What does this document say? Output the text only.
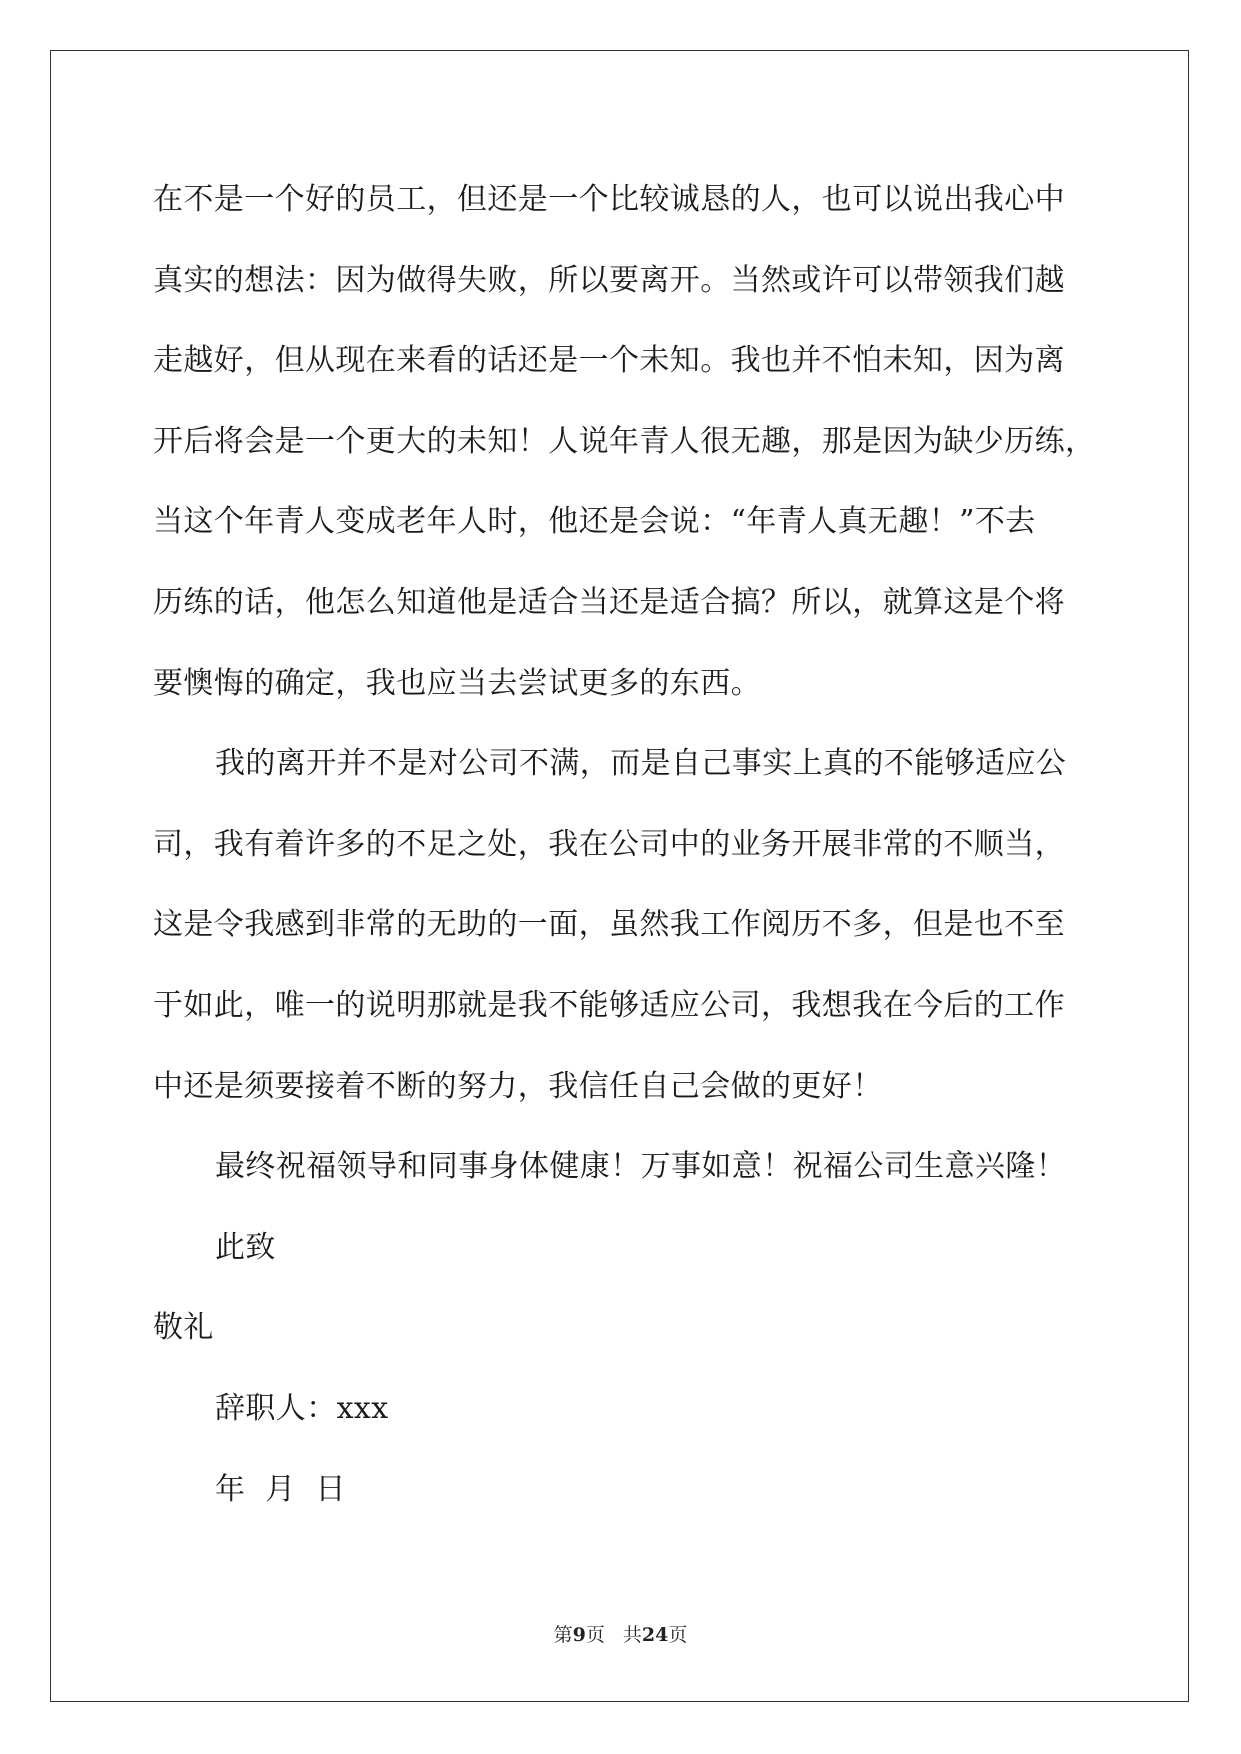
在不是一个好的员工，但还是一个比较诚恳的人，也可以说出我心中
真实的想法：因为做得失败，所以要离开。当然或许可以带领我们越
走越好，但从现在来看的话还是一个未知。我也并不怕未知，因为离
开后将会是一个更大的未知！人说年青人很无趣，那是因为缺少历练，
当这个年青人变成老年人时，他还是会说：“年青人真无趣！”不去
历练的话，他怎么知道他是适合当还是适合搞？所以，就算这是个将
要懊悔的确定，我也应当去尝试更多的东西。

我的离开并不是对公司不满，而是自己事实上真的不能够适应公
司，我有着许多的不足之处，我在公司中的业务开展非常的不顺当，
这是令我感到非常的无助的一面，虽然我工作阅历不多，但是也不至
于如此，唯一的说明那就是我不能够适应公司，我想我在今后的工作
中还是须要接着不断的努力，我信任自己会做的更好！

最终祝福领导和同事身体健康！万事如意！祝福公司生意兴隆！

此致
敬礼

辞职人：xxx
年  月  日

第9页 共24页
